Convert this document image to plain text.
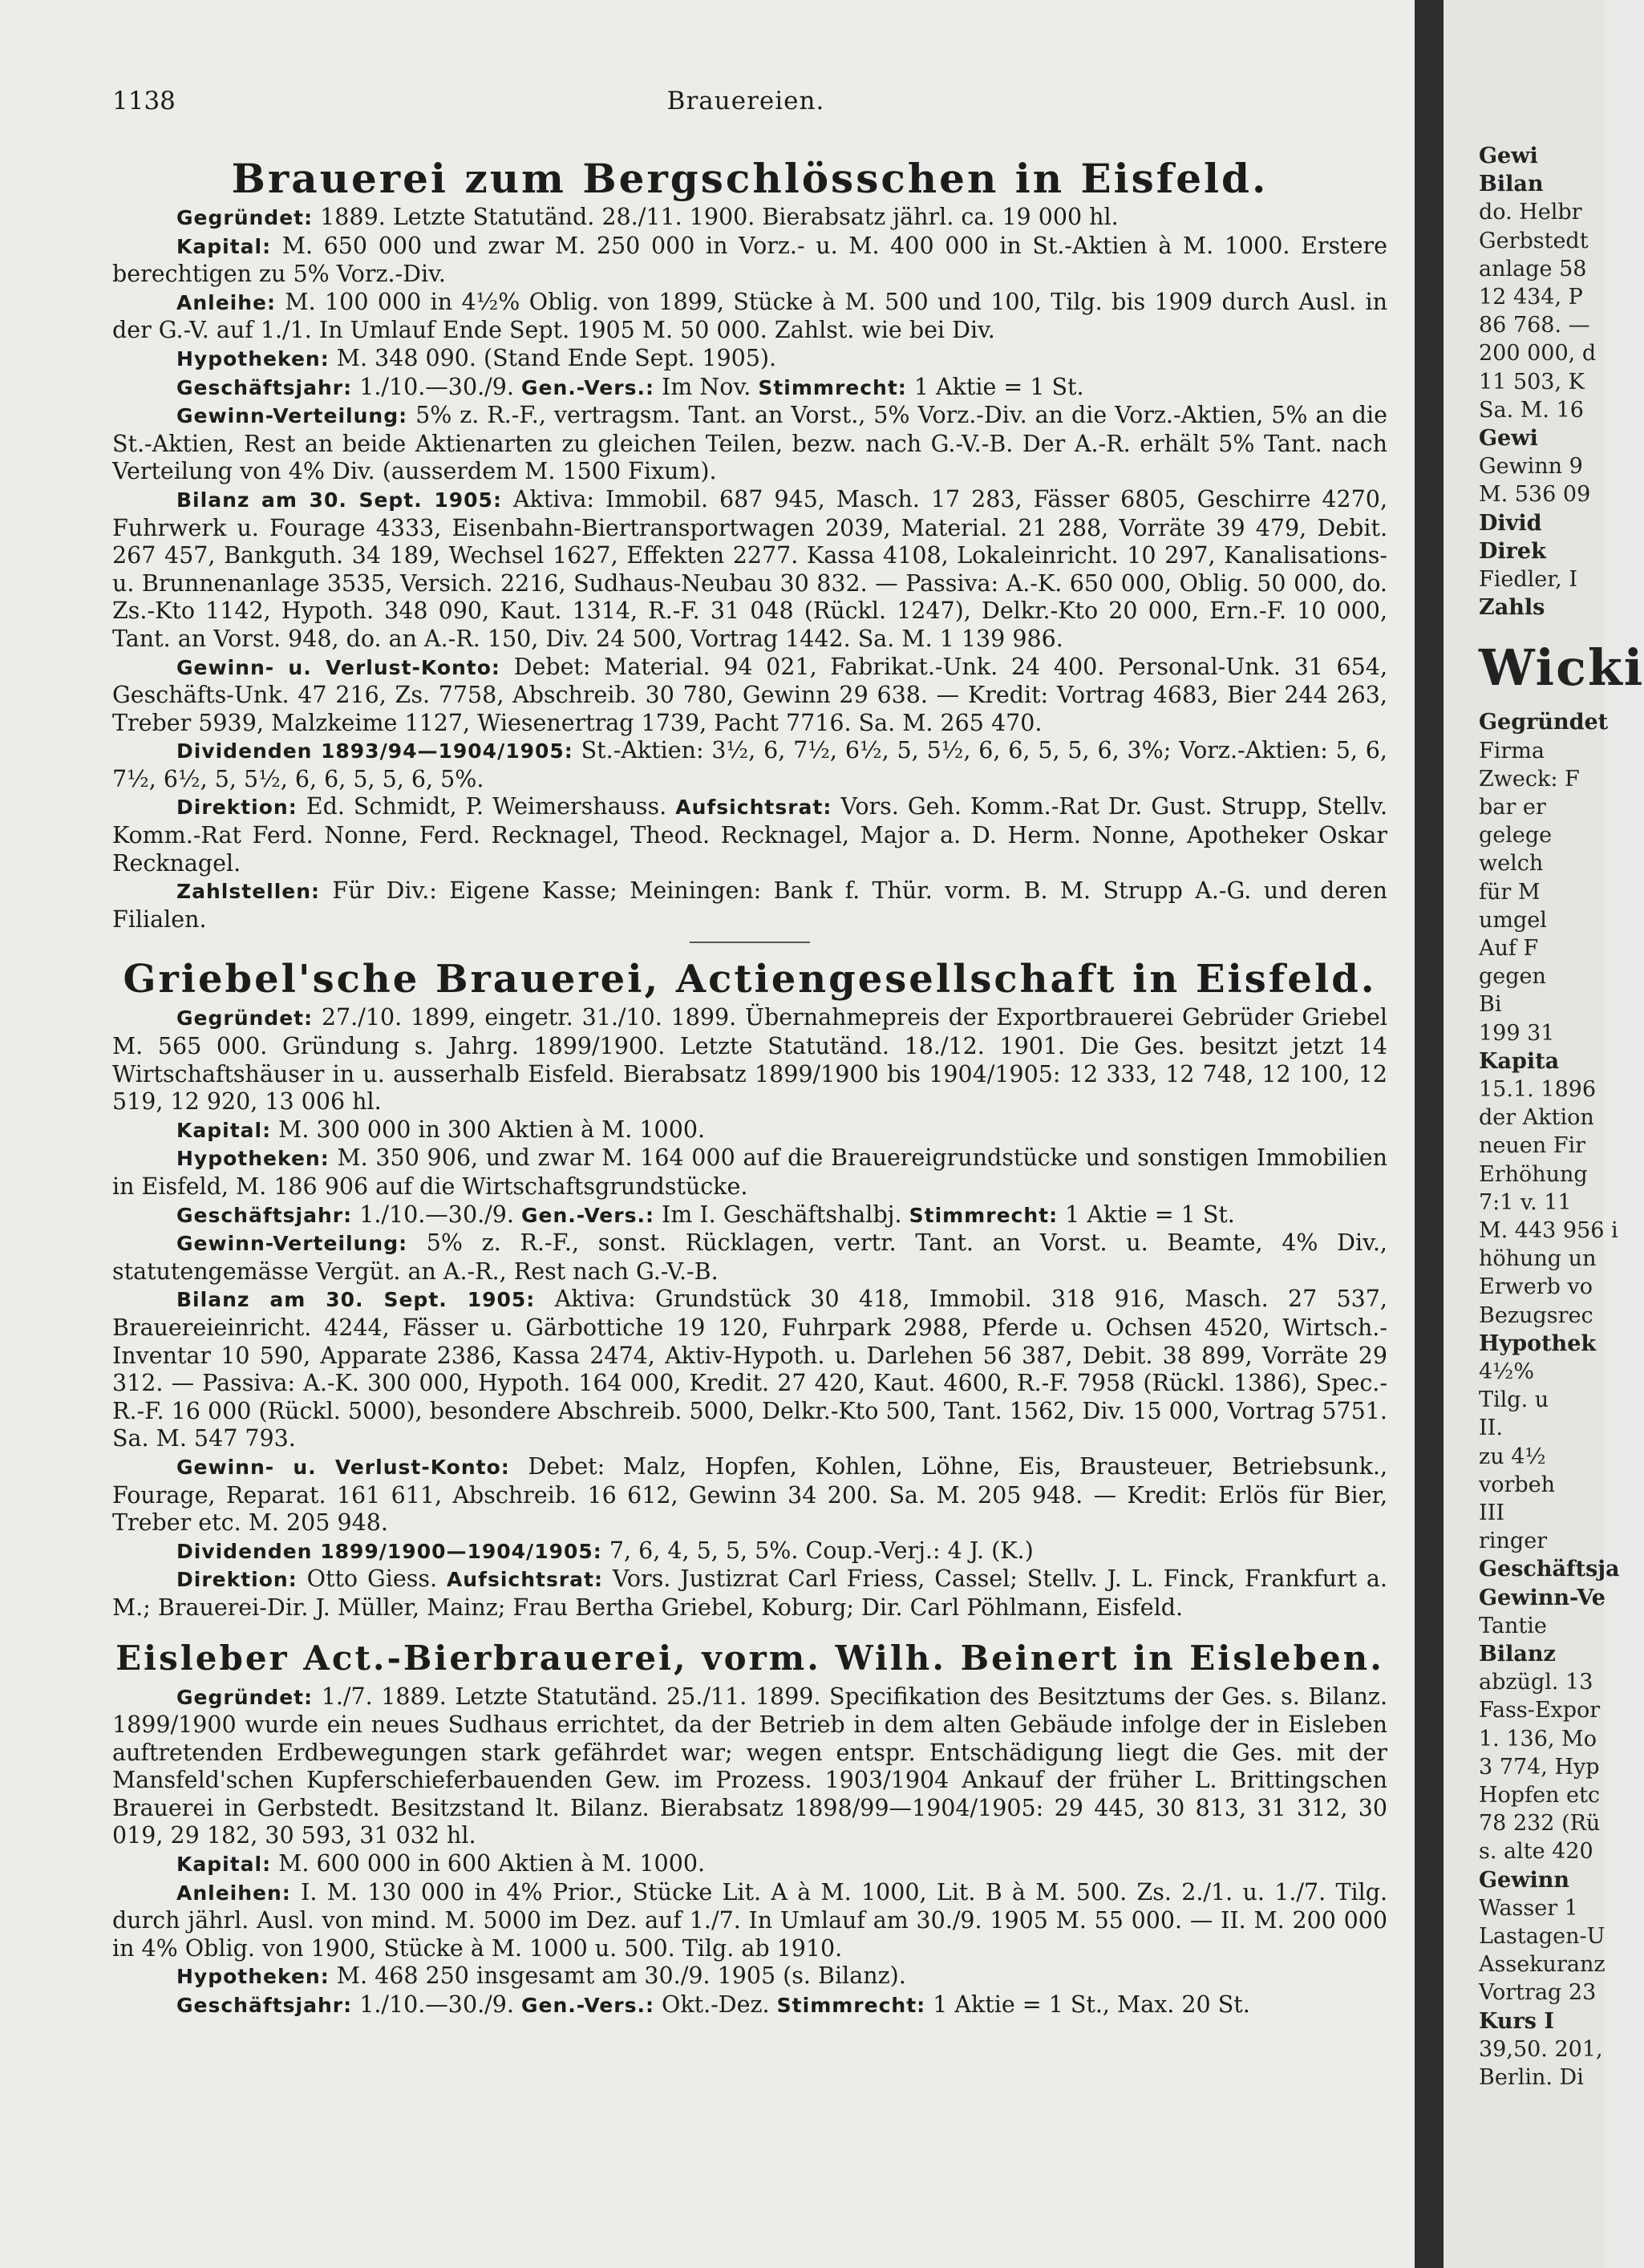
1138	Brauereien.
Brauerei zum Bergschlösschen in Eisfeld.

Gegründet: 1889. Letzte Statutänd. 28./11. 1900. Bierabsatz jährl. ca. 19 000 hl.

Kapital: M. 650 000 und zwar M. 250 000 in Vorz.- u. M. 400 000 in St.-Aktien à M. 1000. Erstere berechtigen zu 5% Vorz.-Div.

Anleihe: M. 100 000 in 4½% Oblig. von 1899, Stücke à M. 500 und 100, Tilg. bis 1909 durch Ausl. in der G.-V. auf 1./1. In Umlauf Ende Sept. 1905 M. 50 000. Zahlst. wie bei Div.

Hypotheken: M. 348 090. (Stand Ende Sept. 1905).

Geschäftsjahr: 1./10.—30./9. Gen.-Vers.: Im Nov. Stimmrecht: 1 Aktie = 1 St.

Gewinn-Verteilung: 5% z. R.-F., vertragsm. Tant. an Vorst., 5% Vorz.-Div. an die Vorz.-Aktien, 5% an die St.-Aktien, Rest an beide Aktienarten zu gleichen Teilen, bezw. nach G.-V.-B. Der A.-R. erhält 5% Tant. nach Verteilung von 4% Div. (ausserdem M. 1500 Fixum).

Bilanz am 30. Sept. 1905: Aktiva: Immobil. 687 945, Masch. 17 283, Fässer 6805, Geschirre 4270, Fuhrwerk u. Fourage 4333, Eisenbahn-Biertransportwagen 2039, Material. 21 288, Vorräte 39 479, Debit. 267 457, Bankguth. 34 189, Wechsel 1627, Effekten 2277. Kassa 4108, Lokaleinricht. 10 297, Kanalisations- u. Brunnenanlage 3535, Versich. 2216, Sudhaus-Neubau 30 832. — Passiva: A.-K. 650 000, Oblig. 50 000, do. Zs.-Kto 1142, Hypoth. 348 090, Kaut. 1314, R.-F. 31 048 (Rückl. 1247), Delkr.-Kto 20 000, Ern.-F. 10 000, Tant. an Vorst. 948, do. an A.-R. 150, Div. 24 500, Vortrag 1442. Sa. M. 1 139 986.

Gewinn- u. Verlust-Konto: Debet: Material. 94 021, Fabrikat.-Unk. 24 400. Personal-Unk. 31 654, Geschäfts-Unk. 47 216, Zs. 7758, Abschreib. 30 780, Gewinn 29 638. — Kredit: Vortrag 4683, Bier 244 263, Treber 5939, Malzkeime 1127, Wiesenertrag 1739, Pacht 7716. Sa. M. 265 470.

Dividenden 1893/94—1904/1905: St.-Aktien: 3½, 6, 7½, 6½, 5, 5½, 6, 6, 5, 5, 6, 3%; Vorz.-Aktien: 5, 6, 7½, 6½, 5, 5½, 6, 6, 5, 5, 6, 5%.

Direktion: Ed. Schmidt, P. Weimershauss. Aufsichtsrat: Vors. Geh. Komm.-Rat Dr. Gust. Strupp, Stellv. Komm.-Rat Ferd. Nonne, Ferd. Recknagel, Theod. Recknagel, Major a. D. Herm. Nonne, Apotheker Oskar Recknagel.

Zahlstellen: Für Div.: Eigene Kasse; Meiningen: Bank f. Thür. vorm. B. M. Strupp A.-G. und deren Filialen.

Griebel'sche Brauerei, Actiengesellschaft in Eisfeld.

Gegründet: 27./10. 1899, eingetr. 31./10. 1899. Übernahmepreis der Exportbrauerei Gebrüder Griebel M. 565 000. Gründung s. Jahrg. 1899/1900. Letzte Statutänd. 18./12. 1901. Die Ges. besitzt jetzt 14 Wirtschaftshäuser in u. ausserhalb Eisfeld. Bierabsatz 1899/1900 bis 1904/1905: 12 333, 12 748, 12 100, 12 519, 12 920, 13 006 hl.

Kapital: M. 300 000 in 300 Aktien à M. 1000.

Hypotheken: M. 350 906, und zwar M. 164 000 auf die Brauereigrundstücke und sonstigen Immobilien in Eisfeld, M. 186 906 auf die Wirtschaftsgrundstücke.

Geschäftsjahr: 1./10.—30./9. Gen.-Vers.: Im I. Geschäftshalbj. Stimmrecht: 1 Aktie = 1 St.

Gewinn-Verteilung: 5% z. R.-F., sonst. Rücklagen, vertr. Tant. an Vorst. u. Beamte, 4% Div., statutengemässe Vergüt. an A.-R., Rest nach G.-V.-B.

Bilanz am 30. Sept. 1905: Aktiva: Grundstück 30 418, Immobil. 318 916, Masch. 27 537, Brauereieinricht. 4244, Fässer u. Gärbottiche 19 120, Fuhrpark 2988, Pferde u. Ochsen 4520, Wirtsch.-Inventar 10 590, Apparate 2386, Kassa 2474, Aktiv-Hypoth. u. Darlehen 56 387, Debit. 38 899, Vorräte 29 312. — Passiva: A.-K. 300 000, Hypoth. 164 000, Kredit. 27 420, Kaut. 4600, R.-F. 7958 (Rückl. 1386), Spec.-R.-F. 16 000 (Rückl. 5000), besondere Abschreib. 5000, Delkr.-Kto 500, Tant. 1562, Div. 15 000, Vortrag 5751. Sa. M. 547 793.

Gewinn- u. Verlust-Konto: Debet: Malz, Hopfen, Kohlen, Löhne, Eis, Brausteuer, Betriebsunk., Fourage, Reparat. 161 611, Abschreib. 16 612, Gewinn 34 200. Sa. M. 205 948. — Kredit: Erlös für Bier, Treber etc. M. 205 948.

Dividenden 1899/1900—1904/1905: 7, 6, 4, 5, 5, 5%. Coup.-Verj.: 4 J. (K.)

Direktion: Otto Giess. Aufsichtsrat: Vors. Justizrat Carl Friess, Cassel; Stellv. J. L. Finck, Frankfurt a. M.; Brauerei-Dir. J. Müller, Mainz; Frau Bertha Griebel, Koburg; Dir. Carl Pöhlmann, Eisfeld.

Eisleber Act.-Bierbrauerei, vorm. Wilh. Beinert in Eisleben.

Gegründet: 1./7. 1889. Letzte Statutänd. 25./11. 1899. Specifikation des Besitztums der Ges. s. Bilanz. 1899/1900 wurde ein neues Sudhaus errichtet, da der Betrieb in dem alten Gebäude infolge der in Eisleben auftretenden Erdbewegungen stark gefährdet war; wegen entspr. Entschädigung liegt die Ges. mit der Mansfeld'schen Kupferschieferbauenden Gew. im Prozess. 1903/1904 Ankauf der früher L. Brittingschen Brauerei in Gerbstedt. Besitzstand lt. Bilanz. Bierabsatz 1898/99—1904/1905: 29 445, 30 813, 31 312, 30 019, 29 182, 30 593, 31 032 hl.

Kapital: M. 600 000 in 600 Aktien à M. 1000.

Anleihen: I. M. 130 000 in 4% Prior., Stücke Lit. A à M. 1000, Lit. B à M. 500. Zs. 2./1. u. 1./7. Tilg. durch jährl. Ausl. von mind. M. 5000 im Dez. auf 1./7. In Umlauf am 30./9. 1905 M. 55 000. — II. M. 200 000 in 4% Oblig. von 1900, Stücke à M. 1000 u. 500. Tilg. ab 1910.

Hypotheken: M. 468 250 insgesamt am 30./9. 1905 (s. Bilanz).

Geschäftsjahr: 1./10.—30./9. Gen.-Vers.: Okt.-Dez. Stimmrecht: 1 Aktie = 1 St., Max. 20 St.

Gewi
Bilan
do. Helbr
Gerbstedt
anlage 58
12 434, P
86 768. —
200 000, d
11 503, K
Sa. M. 16
Gewi
Gewinn 9
M. 536 09
Divid
Direk
Fiedler, I
Zahls
Wicki
Gegründet
Firma
Zweck: F
bar er
gelege
welch
für M
umgel
Auf F
gegen
Bi
199 31
Kapita
15.1. 1896
der Aktion
neuen Fir
Erhöhung
7:1 v. 11
M. 443 956 i
höhung un
Erwerb vo
Bezugsrec
Hypothek
4½%
Tilg. u
II.
zu 4½
vorbeh
III
ringer
Geschäftsja
Gewinn-Ve
Tantie
Bilanz
abzügl. 13
Fass-Expor
1. 136, Mo
3 774, Hyp
Hopfen etc
78 232 (Rü
s. alte 420
Gewinn
Wasser 1
Lastagen-U
Assekuranz
Vortrag 23
Kurs I
39,50. 201,
Berlin. Di
